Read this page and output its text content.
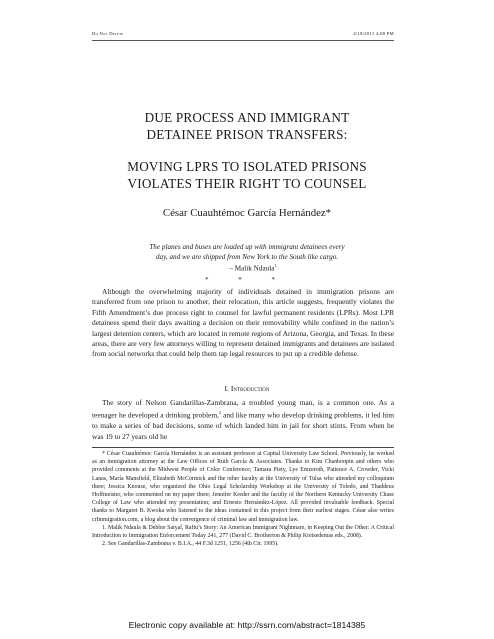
Do Not Delete	4/18/2011 4:08 PM
DUE PROCESS AND IMMIGRANT
DETAINEE PRISON TRANSFERS:
MOVING LPRS TO ISOLATED PRISONS
VIOLATES THEIR RIGHT TO COUNSEL
César Cuauhtémoc García Hernández*
The planes and buses are loaded up with immigrant detainees every
day, and we are shipped from New York to the South like cargo.
– Malik Ndaula$^1$
* * *
Although the overwhelming majority of individuals detained in immigration prisons are transferred from one prison to another, their relocation, this article suggests, frequently violates the Fifth Amendment’s due process right to counsel for lawful permanent residents (LPRs). Most LPR detainees spend their days awaiting a decision on their removability while confined in the nation’s largest detention centers, which are located in remote regions of Arizona, Georgia, and Texas. In these areas, there are very few attorneys willing to represent detained immigrants and detainees are isolated from social networks that could help them tap legal resources to put up a credible defense.
I. Introduction
The story of Nelson Gandarillas-Zambrana, a troubled young man, is a common one. As a teenager he developed a drinking problem,$^2$ and like many who develop drinking problems, it led him to make a series of bad decisions, some of which landed him in jail for short stints. From when he was 19 to 27 years old he

* César Cuauhtémoc García Hernández is an assistant professor at Capital University Law School. Previously, he worked as an immigration attorney at the Law Offices of Ruth García & Associates. Thanks to Kim Chanbonpin and others who provided comments at the Midwest People of Color Conference; Tamara Piety, Lye Emzeroth, Patience A. Crowder, Vicki Lanas, María Mansfield, Elizabeth McCormick and the other faculty at the University of Tulsa who attended my colloquium there; Jessica Knouse, who organized the Ohio Legal Scholarship Workshop at the University of Toledo, and Thaddeus Hoffmeister, who commented on my paper there; Jennifer Kreder and the faculty of the Northern Kentucky University Chase College of Law who attended my presentation; and Ernesto Hernández-López. All provided invaluable feedback. Special thanks to Margaret B. Kwoka who listened to the ideas contained in this project from their earliest stages. César also writes crImmigration.com, a blog about the convergence of criminal law and immigration law.

1. Malik Ndaula & Debbie Satyal, Rafiu’s Story: An American Immigrant Nightmare, in Keeping Out the Other: A Critical Introduction to Immigration Enforcement Today 241, 277 (David C. Brotherton & Philip Kretsedemas eds., 2008).

2. See Gandarillas-Zambrana v. B.I.A., 44 F.3d 1251, 1256 (4th Cir. 1995).

Electronic copy available at: http://ssrn.com/abstract=1814385
